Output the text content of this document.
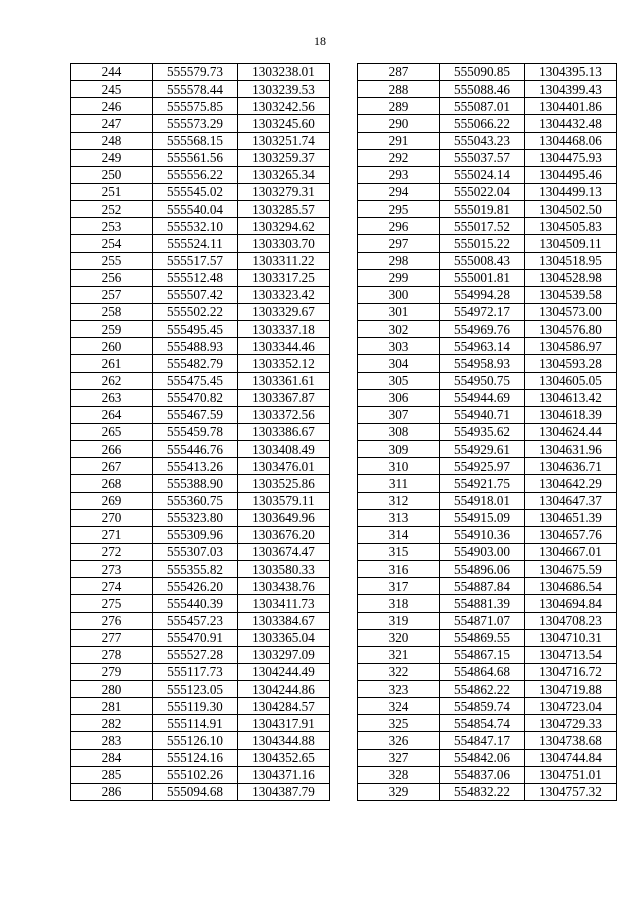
18
244	555579.73	1303238.01
245	555578.44	1303239.53
246	555575.85	1303242.56
247	555573.29	1303245.60
248	555568.15	1303251.74
249	555561.56	1303259.37
250	555556.22	1303265.34
251	555545.02	1303279.31
252	555540.04	1303285.57
253	555532.10	1303294.62
254	555524.11	1303303.70
255	555517.57	1303311.22
256	555512.48	1303317.25
257	555507.42	1303323.42
258	555502.22	1303329.67
259	555495.45	1303337.18
260	555488.93	1303344.46
261	555482.79	1303352.12
262	555475.45	1303361.61
263	555470.82	1303367.87
264	555467.59	1303372.56
265	555459.78	1303386.67
266	555446.76	1303408.49
267	555413.26	1303476.01
268	555388.90	1303525.86
269	555360.75	1303579.11
270	555323.80	1303649.96
271	555309.96	1303676.20
272	555307.03	1303674.47
273	555355.82	1303580.33
274	555426.20	1303438.76
275	555440.39	1303411.73
276	555457.23	1303384.67
277	555470.91	1303365.04
278	555527.28	1303297.09
279	555117.73	1304244.49
280	555123.05	1304244.86
281	555119.30	1304284.57
282	555114.91	1304317.91
283	555126.10	1304344.88
284	555124.16	1304352.65
285	555102.26	1304371.16
286	555094.68	1304387.79
287	555090.85	1304395.13
288	555088.46	1304399.43
289	555087.01	1304401.86
290	555066.22	1304432.48
291	555043.23	1304468.06
292	555037.57	1304475.93
293	555024.14	1304495.46
294	555022.04	1304499.13
295	555019.81	1304502.50
296	555017.52	1304505.83
297	555015.22	1304509.11
298	555008.43	1304518.95
299	555001.81	1304528.98
300	554994.28	1304539.58
301	554972.17	1304573.00
302	554969.76	1304576.80
303	554963.14	1304586.97
304	554958.93	1304593.28
305	554950.75	1304605.05
306	554944.69	1304613.42
307	554940.71	1304618.39
308	554935.62	1304624.44
309	554929.61	1304631.96
310	554925.97	1304636.71
311	554921.75	1304642.29
312	554918.01	1304647.37
313	554915.09	1304651.39
314	554910.36	1304657.76
315	554903.00	1304667.01
316	554896.06	1304675.59
317	554887.84	1304686.54
318	554881.39	1304694.84
319	554871.07	1304708.23
320	554869.55	1304710.31
321	554867.15	1304713.54
322	554864.68	1304716.72
323	554862.22	1304719.88
324	554859.74	1304723.04
325	554854.74	1304729.33
326	554847.17	1304738.68
327	554842.06	1304744.84
328	554837.06	1304751.01
329	554832.22	1304757.32
